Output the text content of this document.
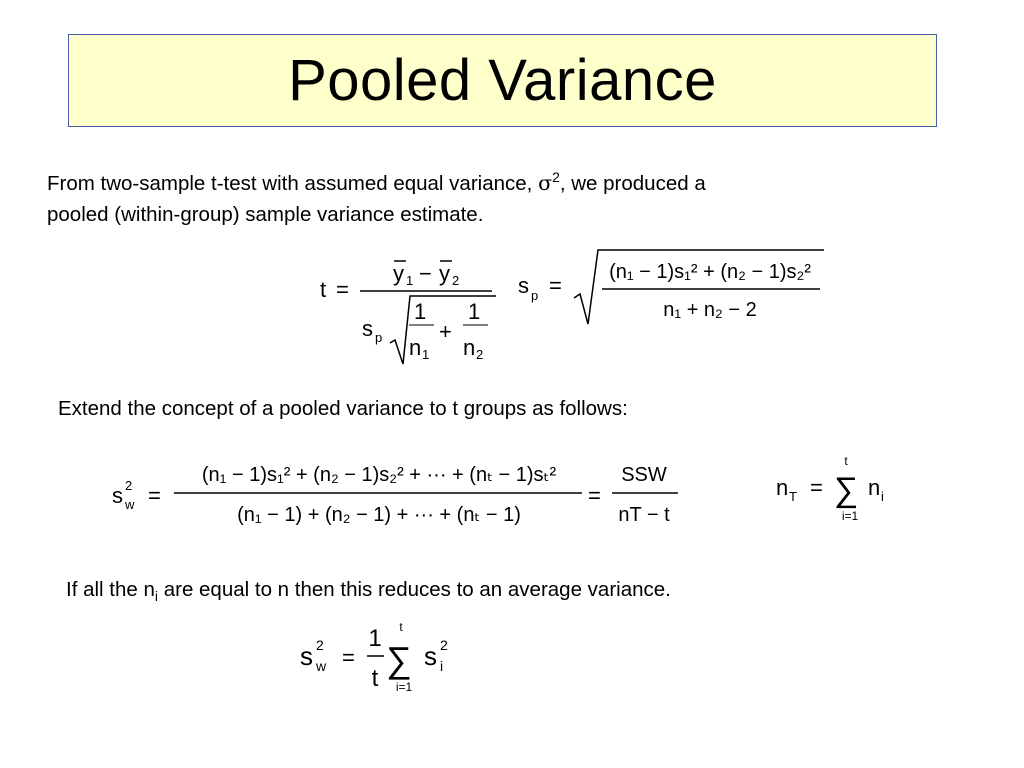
Pooled Variance
From two-sample t-test with assumed equal variance, $\sigma^2$, we produced a
pooled (within-group) sample variance estimate.
t =
y 1 − y 2
s p
1
n 1
+
1
n 2
s p =
(n₁ − 1)s₁² + (n₂ − 1)s₂²
n₁ + n₂ − 2
Extend the concept of a pooled variance to t groups as follows:
s 2
w =
(n₁ − 1)s₁² + (n₂ − 1)s₂² + ··· + (nₜ − 1)sₜ²
(n₁ − 1) + (n₂ − 1) + ··· + (nₜ − 1)
=
SSW
nT − t
n T = ∑
t
i=1
n i
If all the $n_i$ are equal to n then this reduces to an average variance.
s 2
w =
1
t ∑
t
i=1
s 2
i
